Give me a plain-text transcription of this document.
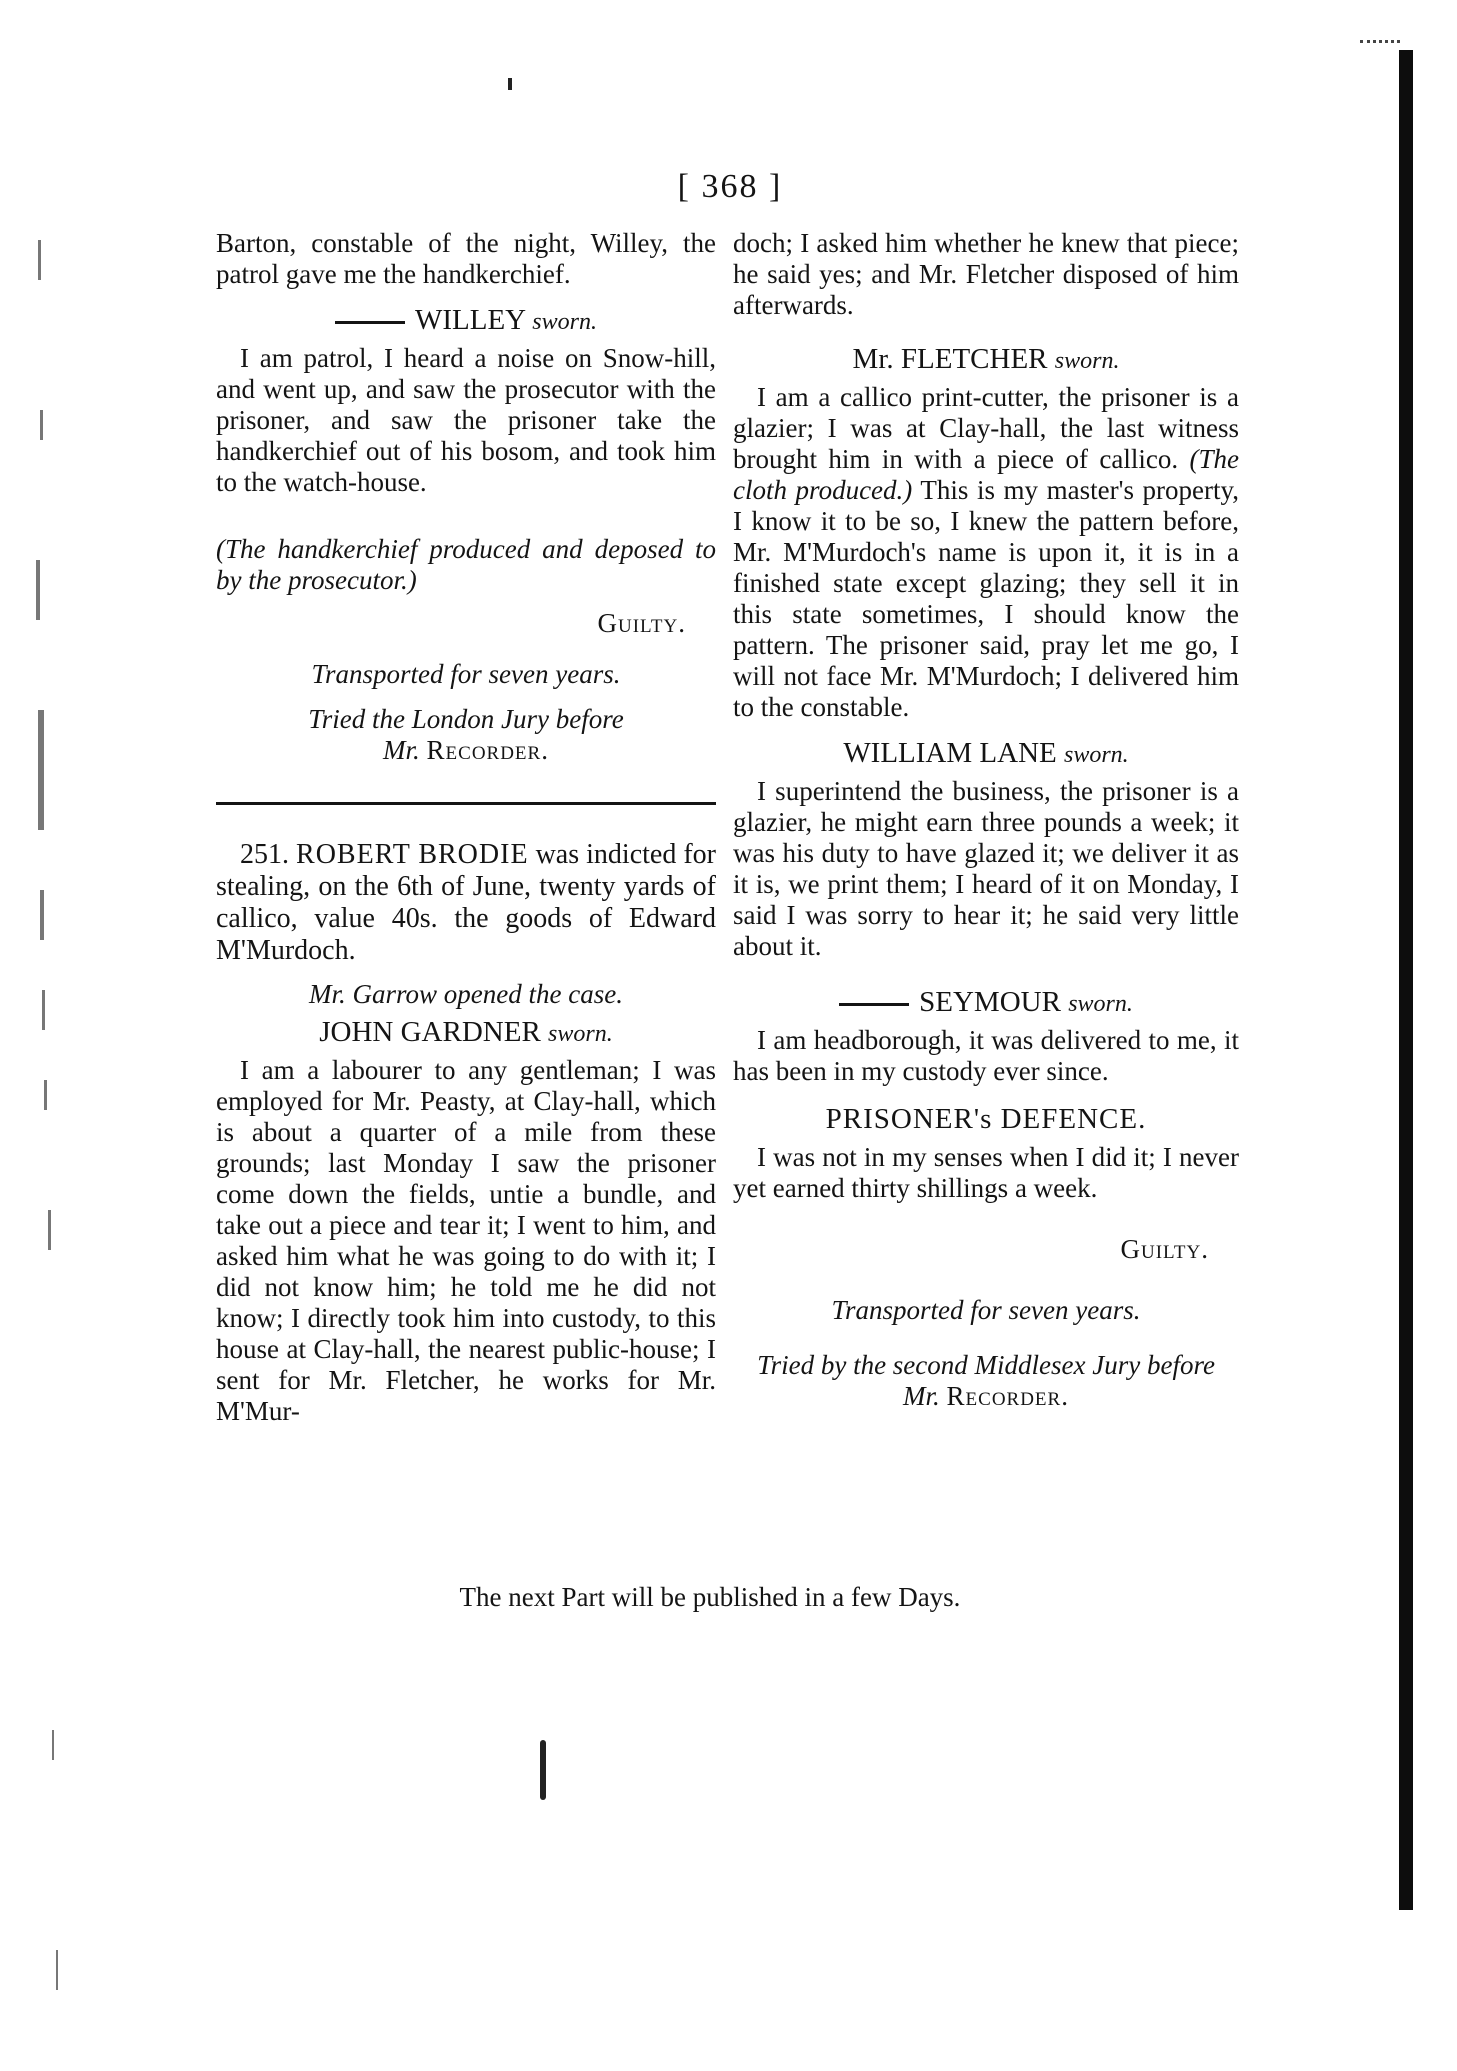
[ 368 ]

Barton, constable of the night, Willey, the patrol gave me the handkerchief.

WILLEY sworn.

I am patrol, I heard a noise on Snow-hill, and went up, and saw the prosecutor with the prisoner, and saw the prisoner take the handkerchief out of his bosom, and took him to the watch-house.

(The handkerchief produced and deposed to by the prosecutor.)

Guilty.
Transported for seven years.
Tried the London Jury before
Mr. Recorder.

251. ROBERT BRODIE was indicted for stealing, on the 6th of June, twenty yards of callico, value 40s. the goods of Edward M'Murdoch.

Mr. Garrow opened the case.
JOHN GARDNER sworn.

I am a labourer to any gentleman; I was employed for Mr. Peasty, at Clay-hall, which is about a quarter of a mile from these grounds; last Monday I saw the prisoner come down the fields, untie a bundle, and take out a piece and tear it; I went to him, and asked him what he was going to do with it; I did not know him; he told me he did not know; I directly took him into custody, to this house at Clay-hall, the nearest public-house; I sent for Mr. Fletcher, he works for Mr. M'Mur-

doch; I asked him whether he knew that piece; he said yes; and Mr. Fletcher disposed of him afterwards.

Mr. FLETCHER sworn.

I am a callico print-cutter, the prisoner is a glazier; I was at Clay-hall, the last witness brought him in with a piece of callico. (The cloth produced.) This is my master's property, I know it to be so, I knew the pattern before, Mr. M'Murdoch's name is upon it, it is in a finished state except glazing; they sell it in this state sometimes, I should know the pattern. The prisoner said, pray let me go, I will not face Mr. M'Murdoch; I delivered him to the constable.

WILLIAM LANE sworn.

I superintend the business, the prisoner is a glazier, he might earn three pounds a week; it was his duty to have glazed it; we deliver it as it is, we print them; I heard of it on Monday, I said I was sorry to hear it; he said very little about it.

SEYMOUR sworn.

I am headborough, it was delivered to me, it has been in my custody ever since.

PRISONER's DEFENCE.

I was not in my senses when I did it; I never yet earned thirty shillings a week.

Guilty.
Transported for seven years.
Tried by the second Middlesex Jury before
Mr. Recorder.
The next Part will be published in a few Days.
